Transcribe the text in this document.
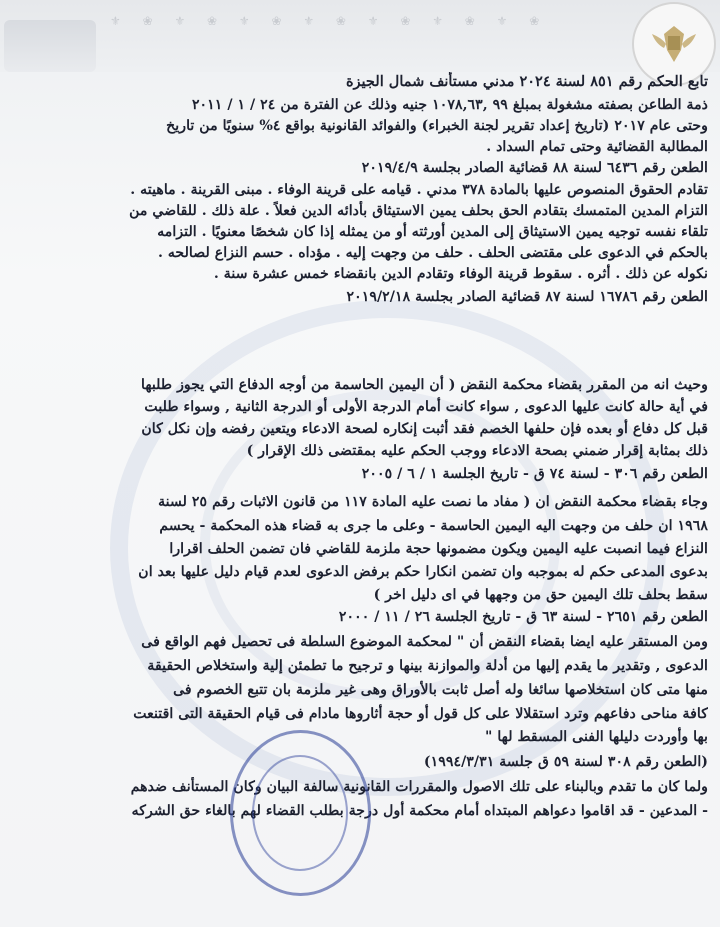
⚜ ❀ ⚜ ❀ ⚜ ❀ ⚜ ❀ ⚜ ❀ ⚜ ❀ ⚜ ❀
تابع الحكم رقم ٨٥١ لسنة ٢٠٢٤ مدني مستأنف شمال الجيزة
ذمة الطاعن بصفته مشغولة بمبلغ ٩٩ ,١٠٧٨,٦٣ جنيه وذلك عن الفترة من ٢٤ / ١ / ٢٠١١
وحتى عام ٢٠١٧ (تاريخ إعداد تقرير لجنة الخبراء) والفوائد القانونية بواقع ٤% سنويًا من تاريخ
المطالبة القضائية وحتى تمام السداد .
الطعن رقم ٦٤٣٦ لسنة ٨٨ قضائية الصادر بجلسة ٢٠١٩/٤/٩
تقادم الحقوق المنصوص عليها بالمادة ٣٧٨ مدني . قيامه على قرينة الوفاء . مبنى القرينة . ماهيته .
التزام المدين المتمسك بتقادم الحق بحلف يمين الاستيثاق بأدائه الدين فعلاً . علة ذلك . للقاضي من
تلقاء نفسه توجيه يمين الاستيثاق إلى المدين أورثته أو من يمثله إذا كان شخصًا معنويًا . التزامه
بالحكم في الدعوى على مقتضى الحلف . حلف من وجهت إليه . مؤداه . حسم النزاع لصالحه .
نكوله عن ذلك . أثره . سقوط قرينة الوفاء وتقادم الدين بانقضاء خمس عشرة سنة .
الطعن رقم ١٦٧٨٦ لسنة ٨٧ قضائية الصادر بجلسة ٢٠١٩/٢/١٨
وحيث انه من المقرر بقضاء محكمة النقض ( أن اليمين الحاسمة من أوجه الدفاع التي يجوز طلبها
في أية حالة كانت عليها الدعوى , سواء كانت أمام الدرجة الأولى أو الدرجة الثانية , وسواء طلبت
قبل كل دفاع أو بعده فإن حلفها الخصم فقد أثبت إنكاره لصحة الادعاء ويتعين رفضه وإن نكل كان
ذلك بمثابة إقرار ضمني بصحة الادعاء ووجب الحكم عليه بمقتضى ذلك الإقرار )
الطعن رقم ٣٠٦ - لسنة ٧٤ ق - تاريخ الجلسة ١ / ٦ / ٢٠٠٥
وجاء بقضاء محكمة النقض ان ( مفاد ما نصت عليه المادة ١١٧ من قانون الاثبات رقم ٢٥ لسنة
١٩٦٨ ان حلف من وجهت اليه اليمين الحاسمة - وعلى ما جرى به قضاء هذه المحكمة - يحسم
النزاع فيما انصبت عليه اليمين ويكون مضمونها حجة ملزمة للقاضي فان تضمن الحلف اقرارا
بدعوى المدعى حكم له بموجبه وان تضمن انكارا حكم برفض الدعوى لعدم قيام دليل عليها بعد ان
سقط بحلف تلك اليمين حق من وجهها في اى دليل اخر )
الطعن رقم ٢٦٥١ - لسنة ٦٣ ق - تاريخ الجلسة ٢٦ / ١١ / ٢٠٠٠
ومن المستقر عليه ايضا بقضاء النقض أن " لمحكمة الموضوع السلطة فى تحصيل فهم الواقع فى
الدعوى , وتقدير ما يقدم إليها من أدلة والموازنة بينها و ترجيح ما تطمئن إلية واستخلاص الحقيقة
منها متى كان استخلاصها سائغا وله أصل ثابت بالأوراق وهى غير ملزمة بان تتبع الخصوم فى
كافة مناحى دفاعهم وترد استقلالا على كل قول أو حجة أثاروها مادام فى قيام الحقيقة التى اقتنعت
بها وأوردت دليلها الفنى المسقط لها "
(الطعن رقم ٣٠٨ لسنة ٥٩ ق جلسة ١٩٩٤/٣/٣١)
ولما كان ما تقدم وبالبناء على تلك الاصول والمقررات القانونية سالفة البيان وكان المستأنف ضدهم
- المدعين - قد اقاموا دعواهم المبتداه أمام محكمة أول درجة بطلب القضاء لهم بالغاء حق الشركه
